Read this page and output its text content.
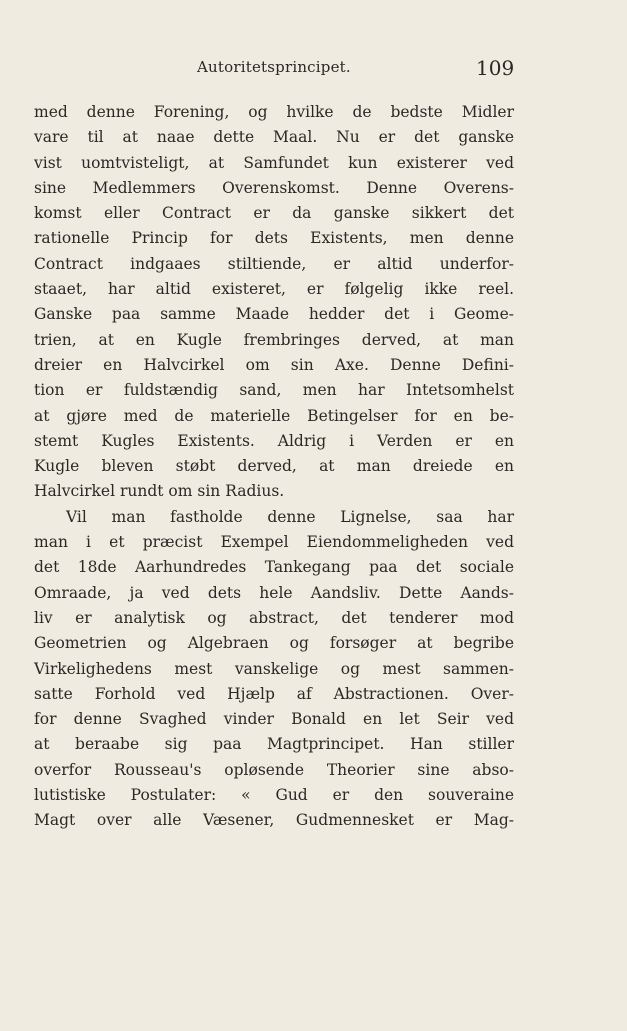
Autoritetsprincipet.	109
med denne Forening, og hvilke de bedste Midler
vare til at naae dette Maal. Nu er det ganske
vist uomtvisteligt, at Samfundet kun existerer ved
sine Medlemmers Overenskomst. Denne Overens-
komst eller Contract er da ganske sikkert det
rationelle Princip for dets Existents, men denne
Contract indgaaes stiltiende, er altid underfor-
staaet, har altid existeret, er følgelig ikke reel.
Ganske paa samme Maade hedder det i Geome-
trien, at en Kugle frembringes derved, at man
dreier en Halvcirkel om sin Axe. Denne Defini-
tion er fuldstændig sand, men har Intetsomhelst
at gjøre med de materielle Betingelser for en be-
stemt Kugles Existents. Aldrig i Verden er en
Kugle bleven støbt derved, at man dreiede en
Halvcirkel rundt om sin Radius.
Vil man fastholde denne Lignelse, saa har
man i et præcist Exempel Eiendommeligheden ved
det 18de Aarhundredes Tankegang paa det sociale
Omraade, ja ved dets hele Aandsliv. Dette Aands-
liv er analytisk og abstract, det tenderer mod
Geometrien og Algebraen og forsøger at begribe
Virkelighedens mest vanskelige og mest sammen-
satte Forhold ved Hjælp af Abstractionen. Over-
for denne Svaghed vinder Bonald en let Seir ved
at beraabe sig paa Magtprincipet. Han stiller
overfor Rousseau's opløsende Theorier sine abso-
lutistiske Postulater: « Gud er den souveraine
Magt over alle Væsener, Gudmennesket er Mag-
